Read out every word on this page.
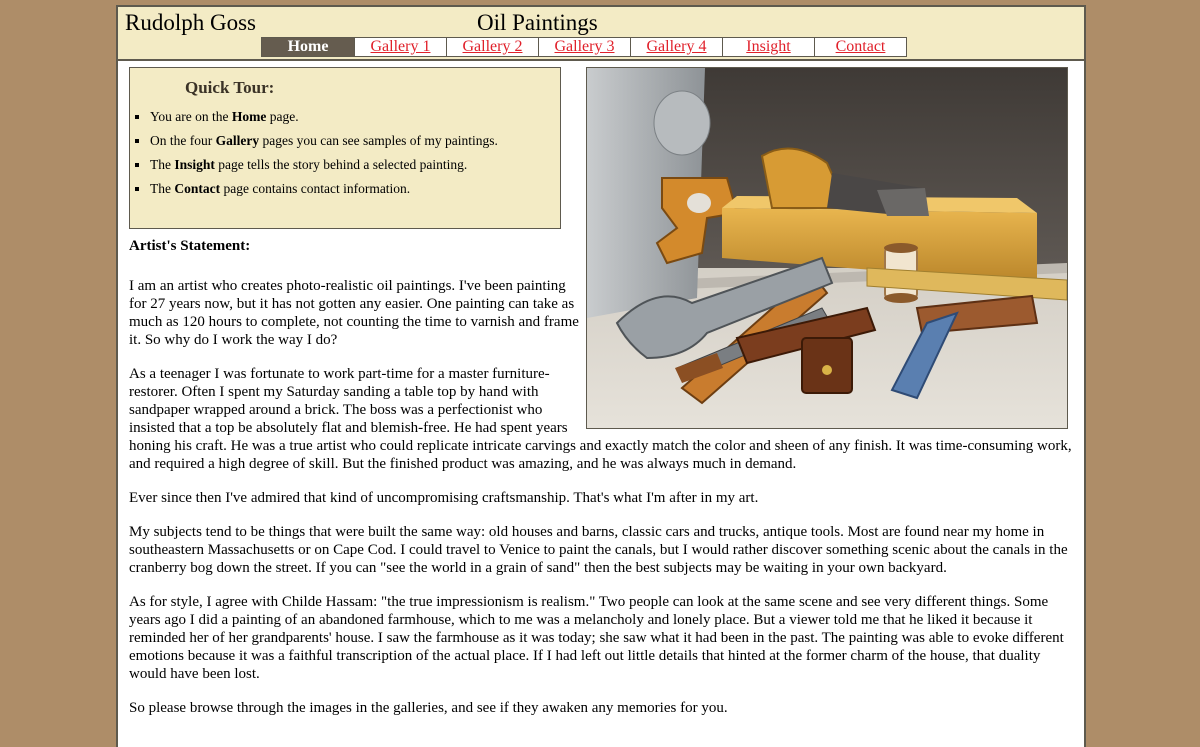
Rudolph Goss	Oil Paintings
Home	Gallery 1	Gallery 2	Gallery 3	Gallery 4	Insight	Contact
Quick Tour:
▪ You are on the Home page.
▪ On the four Gallery pages you can see samples of my paintings.
▪ The Insight page tells the story behind a selected painting.
▪ The Contact page contains contact information.
Artist's Statement:

I am an artist who creates photo-realistic oil paintings. I've been painting for 27 years now, but it has not gotten any easier. One painting can take as much as 120 hours to complete, not counting the time to varnish and frame it. So why do I work the way I do?

As a teenager I was fortunate to work part-time for a master furniture-restorer. Often I spent my Saturday sanding a table top by hand with sandpaper wrapped around a brick. The boss was a perfectionist who insisted that a top be absolutely flat and blemish-free. He had spent years honing his craft. He was a true artist who could replicate intricate carvings and exactly match the color and sheen of any finish. It was time-consuming work, and required a high degree of skill. But the finished product was amazing, and he was always much in demand.

Ever since then I've admired that kind of uncompromising craftsmanship. That's what I'm after in my art.

My subjects tend to be things that were built the same way: old houses and barns, classic cars and trucks, antique tools. Most are found near my home in southeastern Massachusetts or on Cape Cod. I could travel to Venice to paint the canals, but I would rather discover something scenic about the canals in the cranberry bog down the street. If you can "see the world in a grain of sand" then the best subjects may be waiting in your own backyard.

As for style, I agree with Childe Hassam: "the true impressionism is realism." Two people can look at the same scene and see very different things. Some years ago I did a painting of an abandoned farmhouse, which to me was a melancholy and lonely place. But a viewer told me that he liked it because it reminded her of her grandparents' house. I saw the farmhouse as it was today; she saw what it had been in the past. The painting was able to evoke different emotions because it was a faithful transcription of the actual place. If I had left out little details that hinted at the former charm of the house, that duality would have been lost.

So please browse through the images in the galleries, and see if they awaken any memories for you.
